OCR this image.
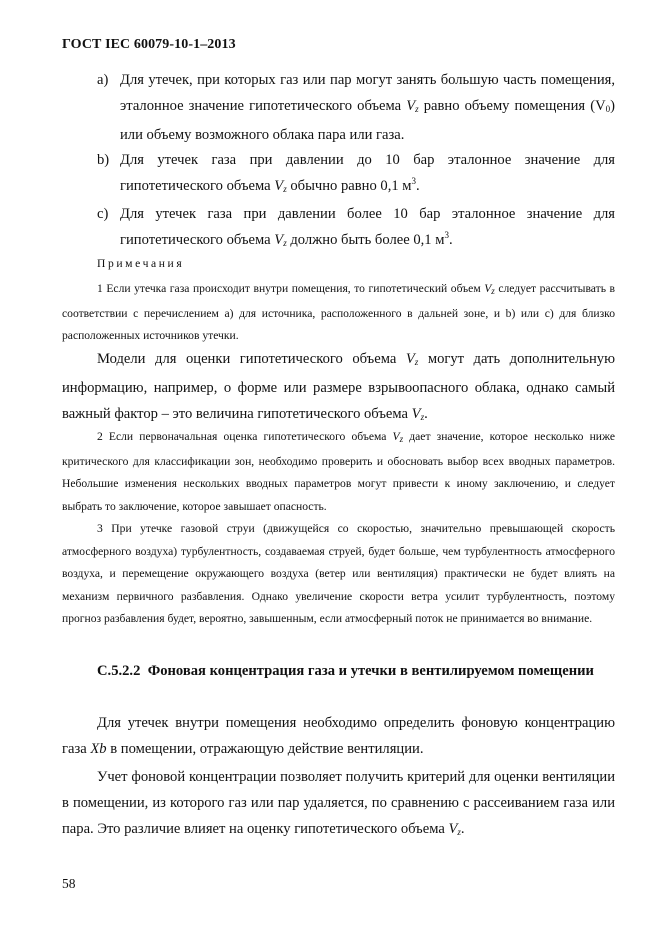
ГОСТ IEC 60079-10-1–2013
a) Для утечек, при которых газ или пар могут занять большую часть помещения, эталонное значение гипотетического объема $V_z$ равно объему помещения $(V_0)$ или объему возможного облака пара или газа.
b) Для утечек газа при давлении до 10 бар эталонное значение для гипотетического объема $V_z$ обычно равно 0,1 $м^3$.
c) Для утечек газа при давлении более 10 бар эталонное значение для гипотетического объема $V_z$ должно быть более 0,1 $м^3$.
Примечания
1 Если утечка газа происходит внутри помещения, то гипотетический объем $V_z$ следует рассчитывать в соответствии с перечислением a) для источника, расположенного в дальней зоне, и b) или c) для близко расположенных источников утечки.
Модели для оценки гипотетического объема $V_z$ могут дать дополнительную информацию, например, о форме или размере взрывоопасного облака, однако самый важный фактор – это величина гипотетического объема $V_z$.
2 Если первоначальная оценка гипотетического объема $V_z$ дает значение, которое несколько ниже критического для классификации зон, необходимо проверить и обосновать выбор всех вводных параметров. Небольшие изменения нескольких вводных параметров могут привести к иному заключению, и следует выбрать то заключение, которое завышает опасность.
3 При утечке газовой струи (движущейся со скоростью, значительно превышающей скорость атмосферного воздуха) турбулентность, создаваемая струей, будет больше, чем турбулентность атмосферного воздуха, и перемещение окружающего воздуха (ветер или вентиляция) практически не будет влиять на механизм первичного разбавления. Однако увеличение скорости ветра усилит турбулентность, поэтому прогноз разбавления будет, вероятно, завышенным, если атмосферный поток не принимается во внимание.
С.5.2.2 Фоновая концентрация газа и утечки в вентилируемом помещении
Для утечек внутри помещения необходимо определить фоновую концентрацию газа Xb в помещении, отражающую действие вентиляции.
Учет фоновой концентрации позволяет получить критерий для оценки вентиляции в помещении, из которого газ или пар удаляется, по сравнению с рассеиванием газа или пара. Это различие влияет на оценку гипотетического объема $V_z$.
58
